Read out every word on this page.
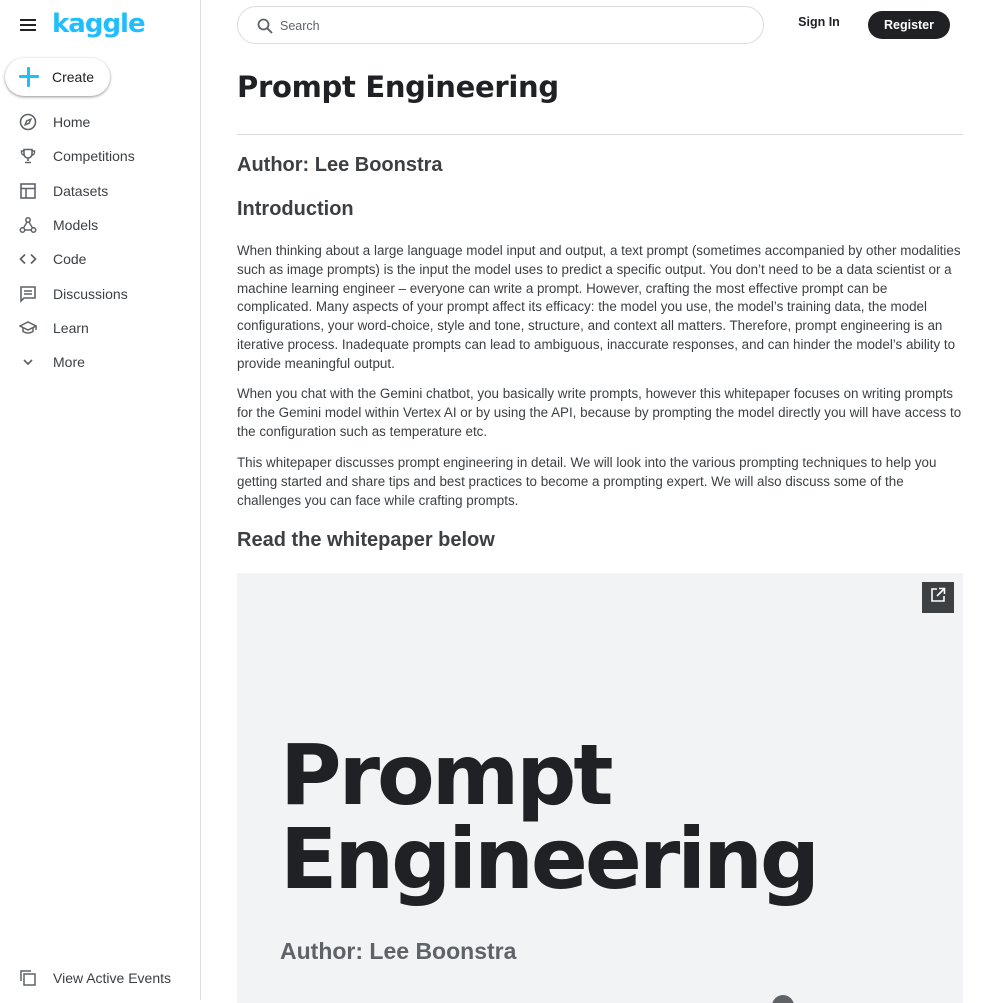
kaggle
Create
Home
Competitions
Datasets
Models
Code
Discussions
Learn
More
View Active Events
Search
Sign In	Register
Prompt Engineering
Author: Lee Boonstra
Introduction

When thinking about a large language model input and output, a text prompt (sometimes accompanied by other modalities such as image prompts) is the input the model uses to predict a specific output. You don’t need to be a data scientist or a machine learning engineer – everyone can write a prompt. However, crafting the most effective prompt can be complicated. Many aspects of your prompt affect its efficacy: the model you use, the model’s training data, the model configurations, your word-choice, style and tone, structure, and context all matters. Therefore, prompt engineering is an iterative process. Inadequate prompts can lead to ambiguous, inaccurate responses, and can hinder the model’s ability to provide meaningful output.

When you chat with the Gemini chatbot, you basically write prompts, however this whitepaper focuses on writing prompts for the Gemini model within Vertex AI or by using the API, because by prompting the model directly you will have access to the configuration such as temperature etc.

This whitepaper discusses prompt engineering in detail. We will look into the various prompting techniques to help you getting started and share tips and best practices to become a prompting expert. We will also discuss some of the challenges you can face while crafting prompts.

Read the whitepaper below
Prompt
Engineering
Author: Lee Boonstra
